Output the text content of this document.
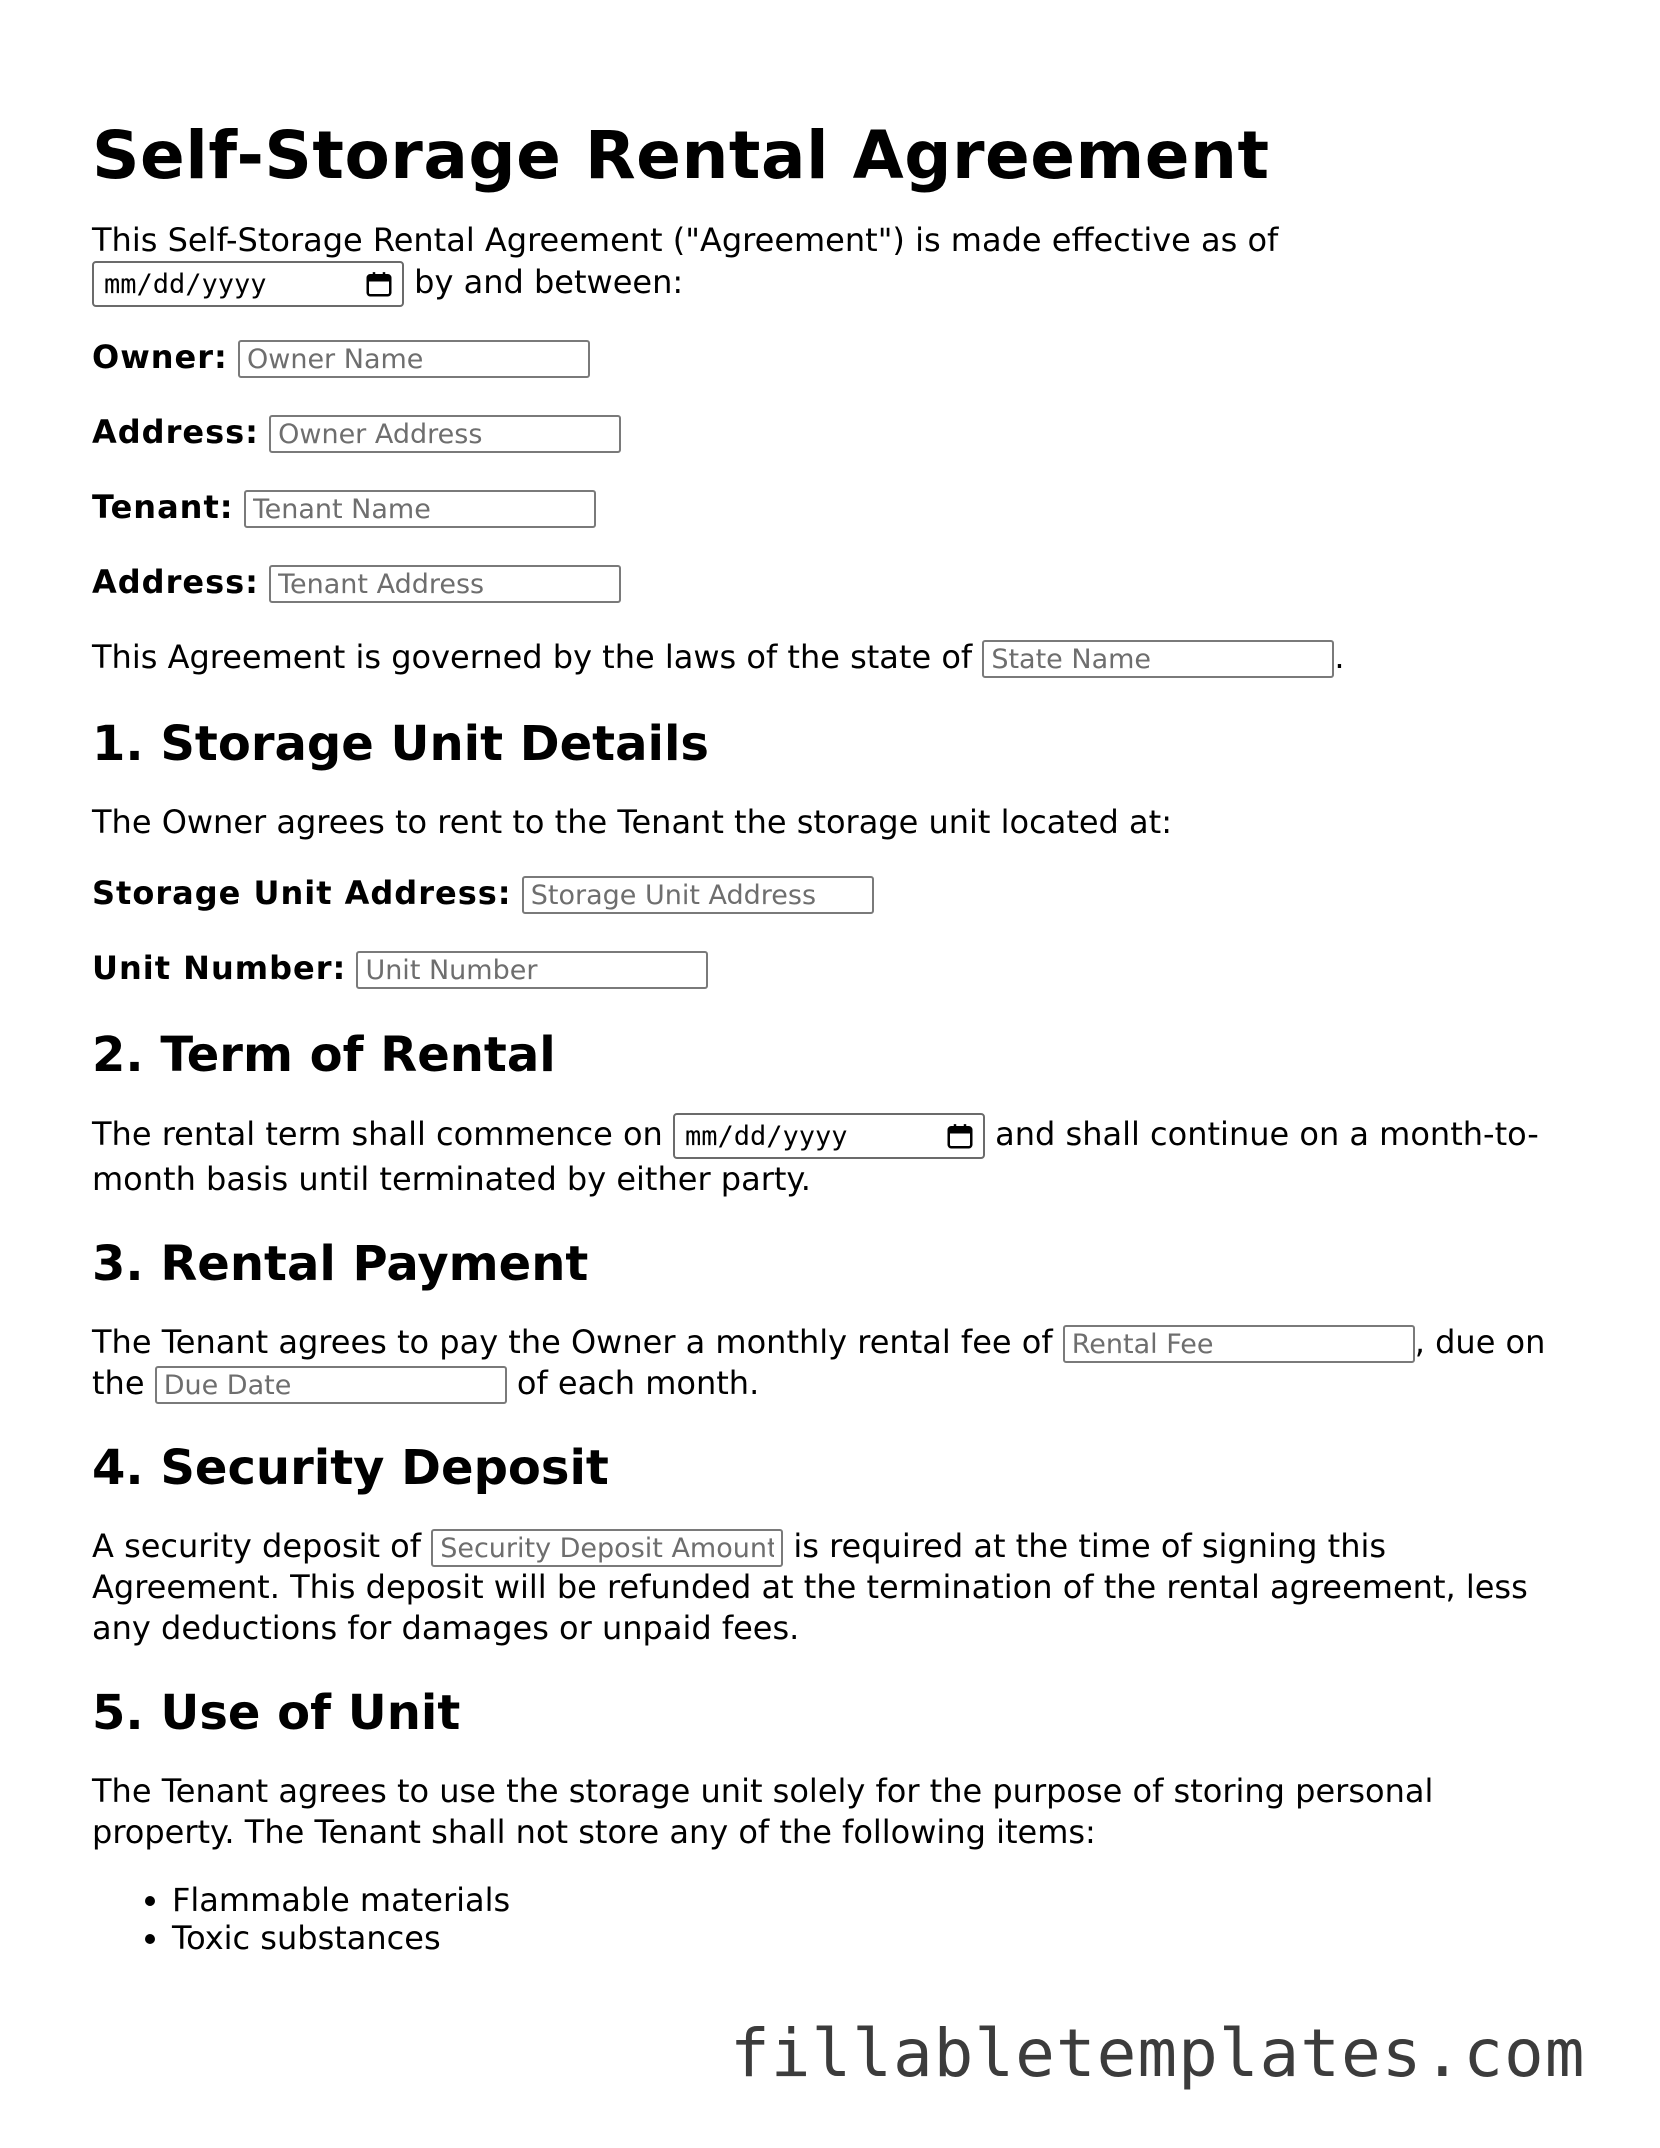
Self-Storage Rental Agreement

This Self-Storage Rental Agreement ("Agreement") is made effective as of

mm/dd/yyyy	by and between:

Owner: Owner Name

Address: Owner Address

Tenant: Tenant Name

Address: Tenant Address

This Agreement is governed by the laws of the state of State Name	.

1. Storage Unit Details

The Owner agrees to rent to the Tenant the storage unit located at:

Storage Unit Address: Storage Unit Address

Unit Number: Unit Number

2. Term of Rental

The rental term shall commence on mm/dd/yyyy	and shall continue on a month-to-month basis until terminated by either party.

3. Rental Payment

The Tenant agrees to pay the Owner a monthly rental fee of Rental Fee	, due on the Due Date	of each month.

4. Security Deposit

A security deposit of Security Deposit Amount	is required at the time of signing this Agreement. This deposit will be refunded at the termination of the rental agreement, less any deductions for damages or unpaid fees.

5. Use of Unit

The Tenant agrees to use the storage unit solely for the purpose of storing personal property. The Tenant shall not store any of the following items:

• Flammable materials
• Toxic substances
fillabletemplates.com
